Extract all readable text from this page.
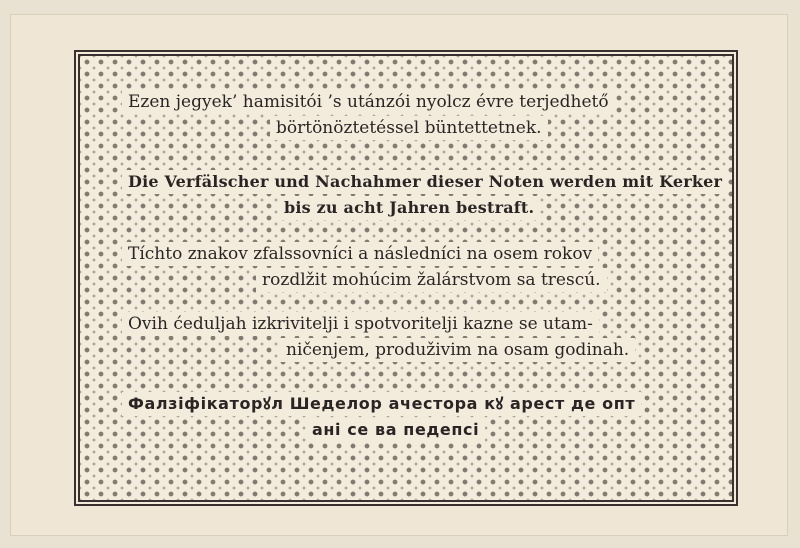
Ezen jegyek’ hamisitói ’s utánzói nyolcz évre terjedhető
börtönöztetéssel büntettetnek.
Die Verfälscher und Nachahmer dieser Noten werden mit Kerker
bis zu acht Jahren bestraft.
Tíchto znakov zfalssovníci a následníci na osem rokov
rozdlžit mohúcim žalárstvom sa trescú.
Ovih ćeduljah izkrivitelji i spotvoritelji kazne se utam-
ničenjem, produživim na osam godinah.
Фалзіфікаторꙋл Шеделор ачестора кꙋ арест де опт
ані се ва педепсі
